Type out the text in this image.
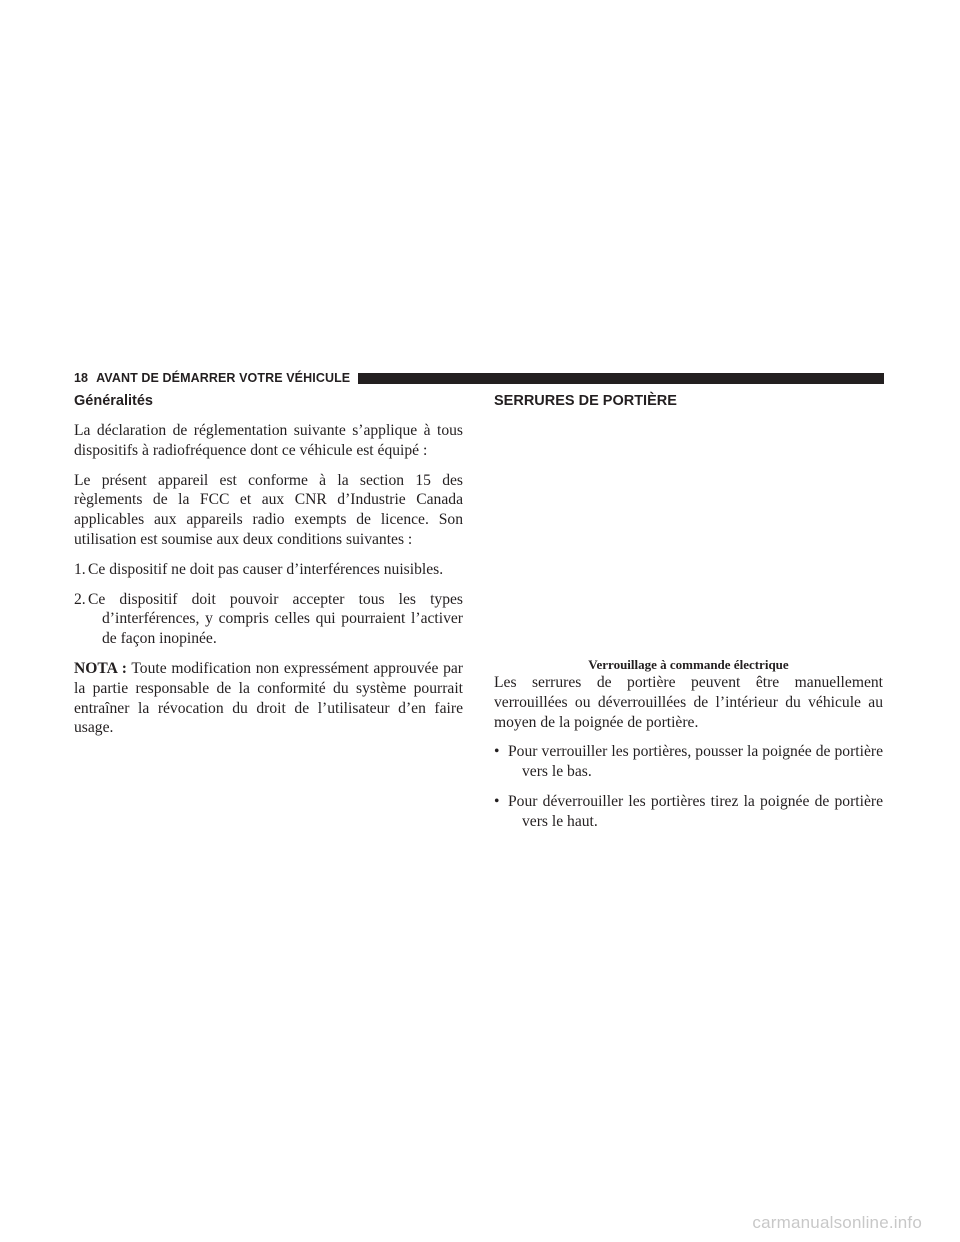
18 AVANT DE DÉMARRER VOTRE VÉHICULE
Généralités

La déclaration de réglementation suivante s’applique à tous dispositifs à radiofréquence dont ce véhicule est équipé :

Le présent appareil est conforme à la section 15 des règlements de la FCC et aux CNR d’Industrie Canada applicables aux appareils radio exempts de licence. Son utilisation est soumise aux deux conditions suivantes :

1. Ce dispositif ne doit pas causer d’interférences nuisibles.
2. Ce dispositif doit pouvoir accepter tous les types d’interférences, y compris celles qui pourraient l’activer de façon inopinée.

NOTA : Toute modification non expressément approuvée par la partie responsable de la conformité du système pourrait entraîner la révocation du droit de l’utilisateur d’en faire usage.

SERRURES DE PORTIÈRE
Verrouillage à commande électrique

Les serrures de portière peuvent être manuellement verrouillées ou déverrouillées de l’intérieur du véhicule au moyen de la poignée de portière.

• Pour verrouiller les portières, pousser la poignée de portière vers le bas.
• Pour déverrouiller les portières tirez la poignée de portière vers le haut.
carmanualsonline.info
